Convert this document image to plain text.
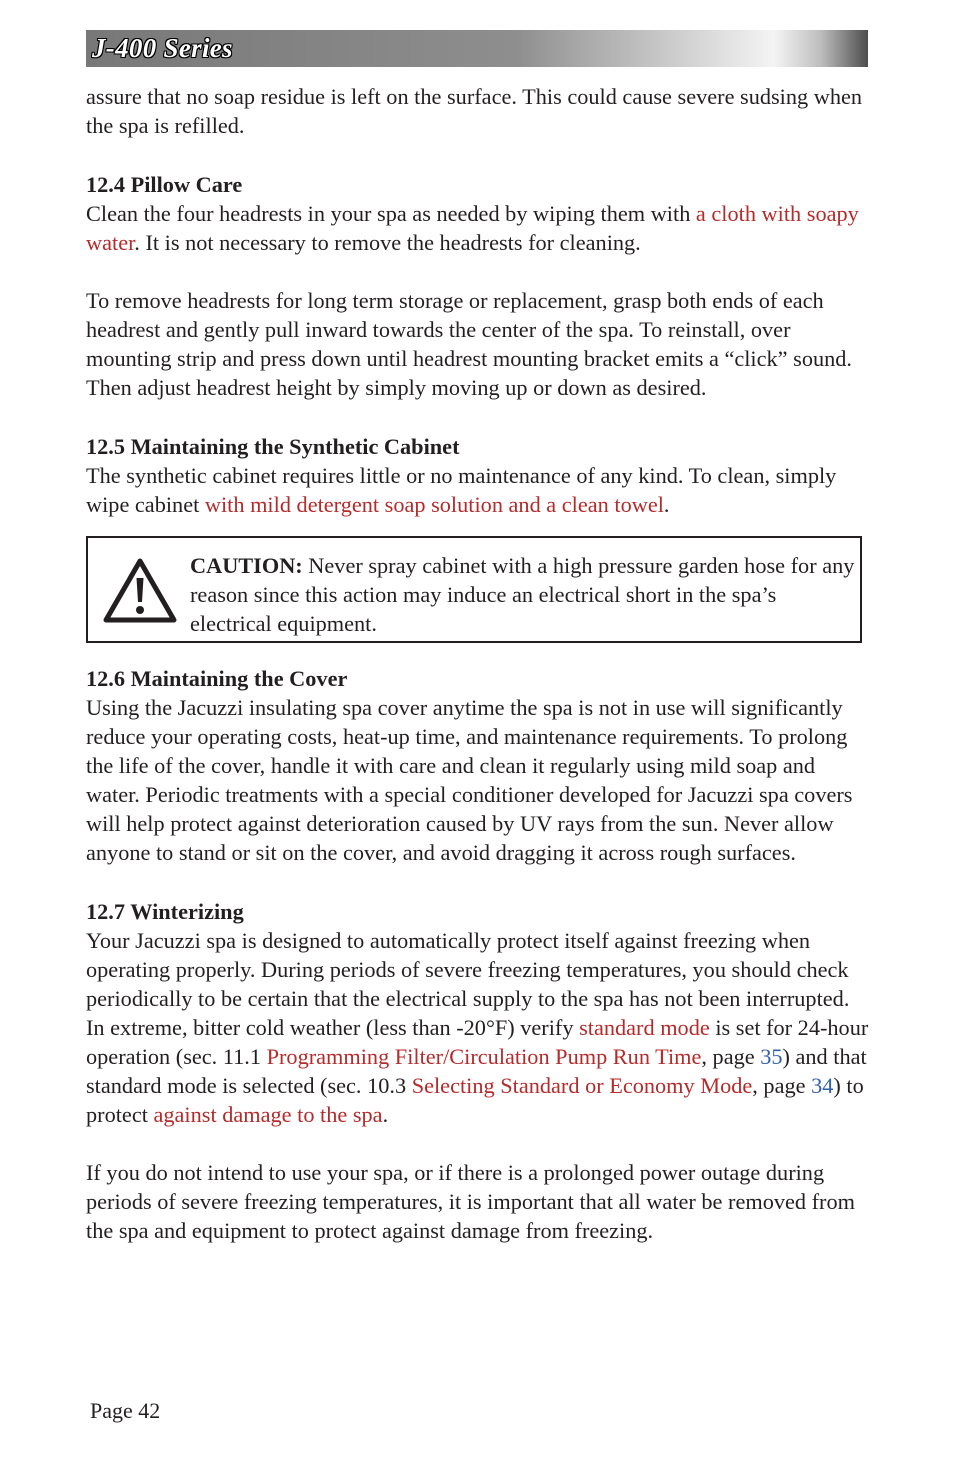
J-400 Series

assure that no soap residue is left on the surface. This could cause severe sudsing when the spa is refilled.

12.4 Pillow Care

Clean the four headrests in your spa as needed by wiping them with a cloth with soapy water. It is not necessary to remove the headrests for cleaning.

To remove headrests for long term storage or replacement, grasp both ends of each headrest and gently pull inward towards the center of the spa. To reinstall, over mounting strip and press down until headrest mounting bracket emits a “click” sound. Then adjust headrest height by simply moving up or down as desired.

12.5 Maintaining the Synthetic Cabinet

The synthetic cabinet requires little or no maintenance of any kind. To clean, simply wipe cabinet with mild detergent soap solution and a clean towel.

CAUTION: Never spray cabinet with a high pressure garden hose for any reason since this action may induce an electrical short in the spa’s electrical equipment.

12.6 Maintaining the Cover

Using the Jacuzzi insulating spa cover anytime the spa is not in use will significantly reduce your operating costs, heat-up time, and maintenance requirements. To prolong the life of the cover, handle it with care and clean it regularly using mild soap and water. Periodic treatments with a special conditioner developed for Jacuzzi spa covers will help protect against deterioration caused by UV rays from the sun. Never allow anyone to stand or sit on the cover, and avoid dragging it across rough surfaces.

12.7 Winterizing

Your Jacuzzi spa is designed to automatically protect itself against freezing when operating properly. During periods of severe freezing temperatures, you should check periodically to be certain that the electrical supply to the spa has not been interrupted. In extreme, bitter cold weather (less than -20°F) verify standard mode is set for 24-hour operation (sec. 11.1 Programming Filter/Circulation Pump Run Time, page 35) and that standard mode is selected (sec. 10.3 Selecting Standard or Economy Mode, page 34) to protect against damage to the spa.

If you do not intend to use your spa, or if there is a prolonged power outage during periods of severe freezing temperatures, it is important that all water be removed from the spa and equipment to protect against damage from freezing.

Page 42
